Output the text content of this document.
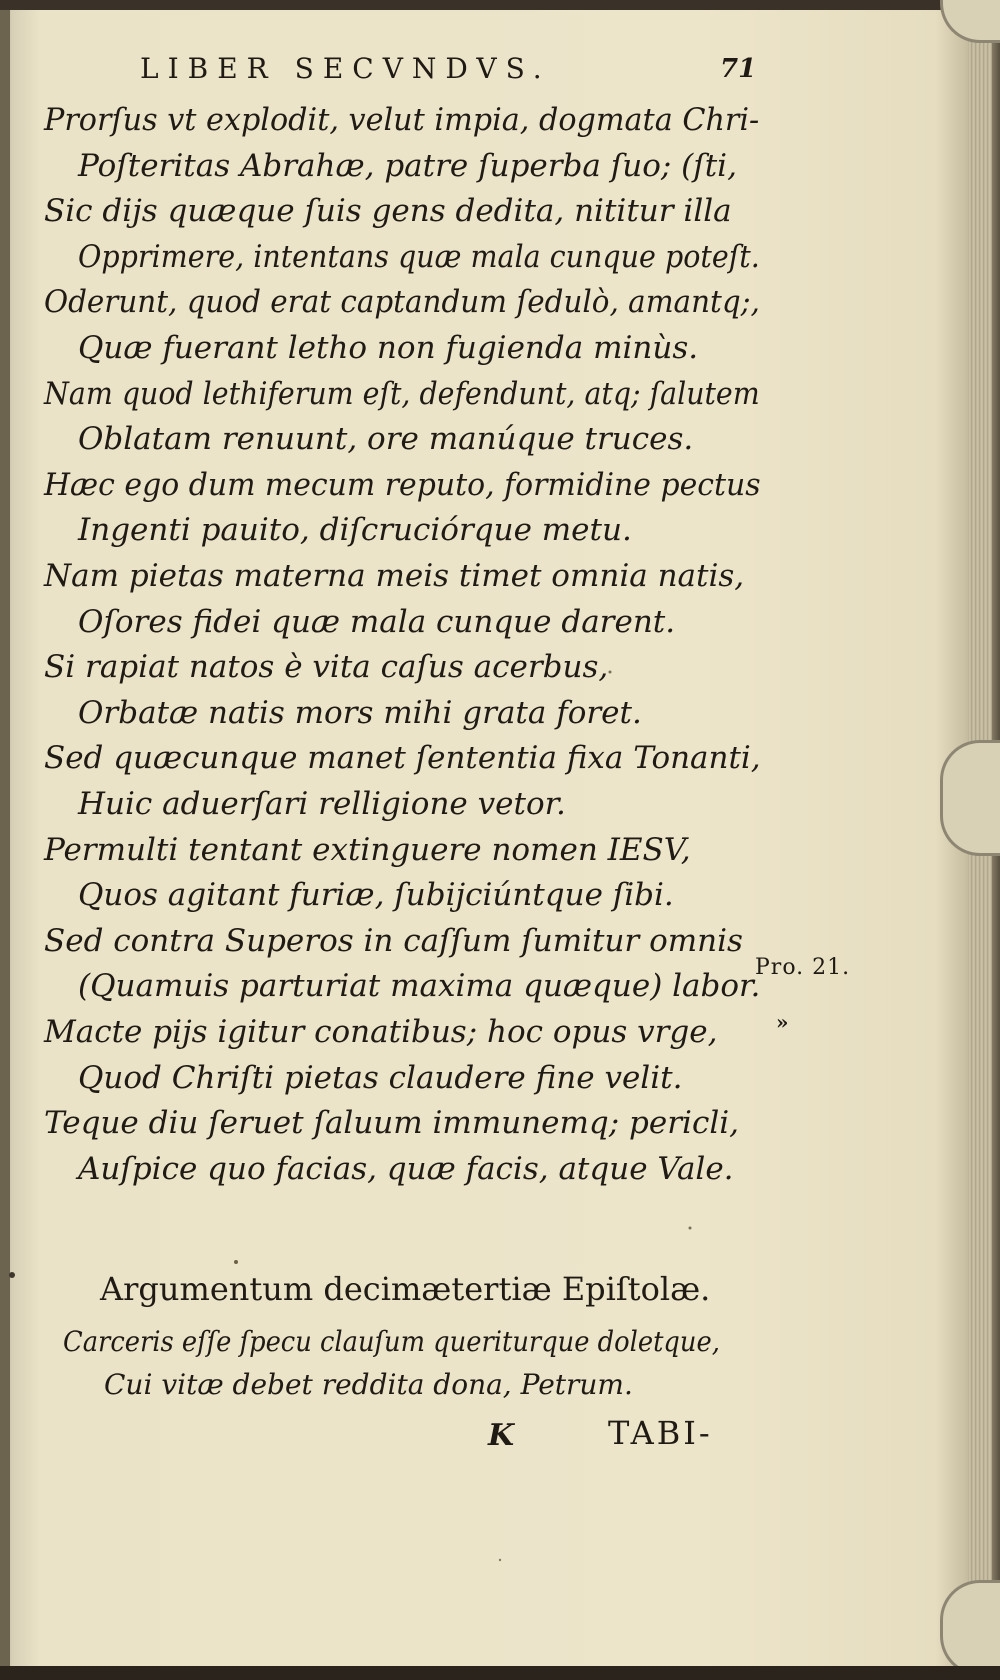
LIBER SECVNDVS.	71
Prorſus vt explodit, velut impia, dogmata Chri-
Poſteritas Abrahæ, patre ſuperba ſuo; (ſti,
Sic dijs quæque ſuis gens dedita, nititur illa
Opprimere, intentans quæ mala cunque poteſt.
Oderunt, quod erat captandum ſedulò, amantq;,
Quæ fuerant letho non fugienda minùs.
Nam quod lethiferum eſt, defendunt, atq; ſalutem
Oblatam renuunt, ore manúque truces.
Hæc ego dum mecum reputo, formidine pectus
Ingenti pauito, diſcruciórque metu.
Nam pietas materna meis timet omnia natis,
Oſores fidei quæ mala cunque darent.
Si rapiat natos è vita caſus acerbus,
Orbatæ natis mors mihi grata foret.
Sed quæcunque manet ſententia fixa Tonanti,
Huic aduerſari relligione vetor.
Permulti tentant extinguere nomen IESV,
Quos agitant furiæ, ſubijciúntque ſibi.
Sed contra Superos in caſſum ſumitur omnis
(Quamuis parturiat maxima quæque) labor.
Macte pijs igitur conatibus; hoc opus vrge,
Quod Chriſti pietas claudere fine velit.
Teque diu ſeruet ſaluum immunemq; pericli,
Auſpice quo facias, quæ facis, atque Vale.
Pro. 21.
»
Argumentum decimætertiæ Epiſtolæ.
Carceris eſſe ſpecu clauſum queriturque doletque,
Cui vitæ debet reddita dona, Petrum.
K	TABI-
